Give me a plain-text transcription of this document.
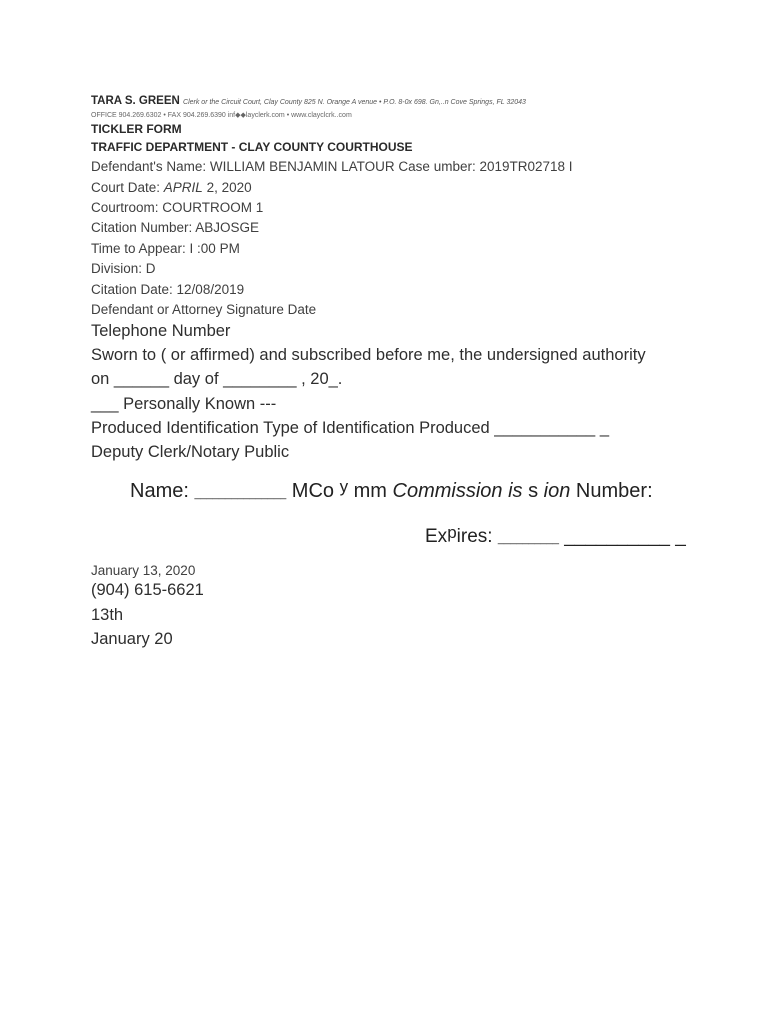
TARA S. GREEN Clerk or the Circuit Court, Clay County 825 N. Orange A venue • P.O. 8-0x 698. Gn,..n Cove Springs, FL 32043
OFFICE 904.269.6302 • FAX 904.269.6390 inf◆◆layclerk.com • www.clayclcrk..com
TICKLER FORM
TRAFFIC DEPARTMENT - CLAY COUNTY COURTHOUSE
Defendant's Name: WILLIAM BENJAMIN LATOUR Case umber: 2019TR02718 I
Court Date: APRIL 2, 2020
Courtroom: COURTROOM 1
Citation Number: ABJOSGE
Time to Appear: I :00 PM
Division: D
Citation Date: 12/08/2019
Defendant or Attorney Signature Date
Telephone Number
Sworn to ( or affirmed) and subscribed before me, the undersigned authority
on ______ day of ________ , 20_.
___ Personally Known ---
Produced Identification Type of Identification Produced ___________ _
Deputy Clerk/Notary Public
Name: _______________ MCo $^y$ mm Commission is s ion Number:
Ex$^p$ires: __________ __________ _
January 13, 2020
(904) 615-6621
13th
January 20
